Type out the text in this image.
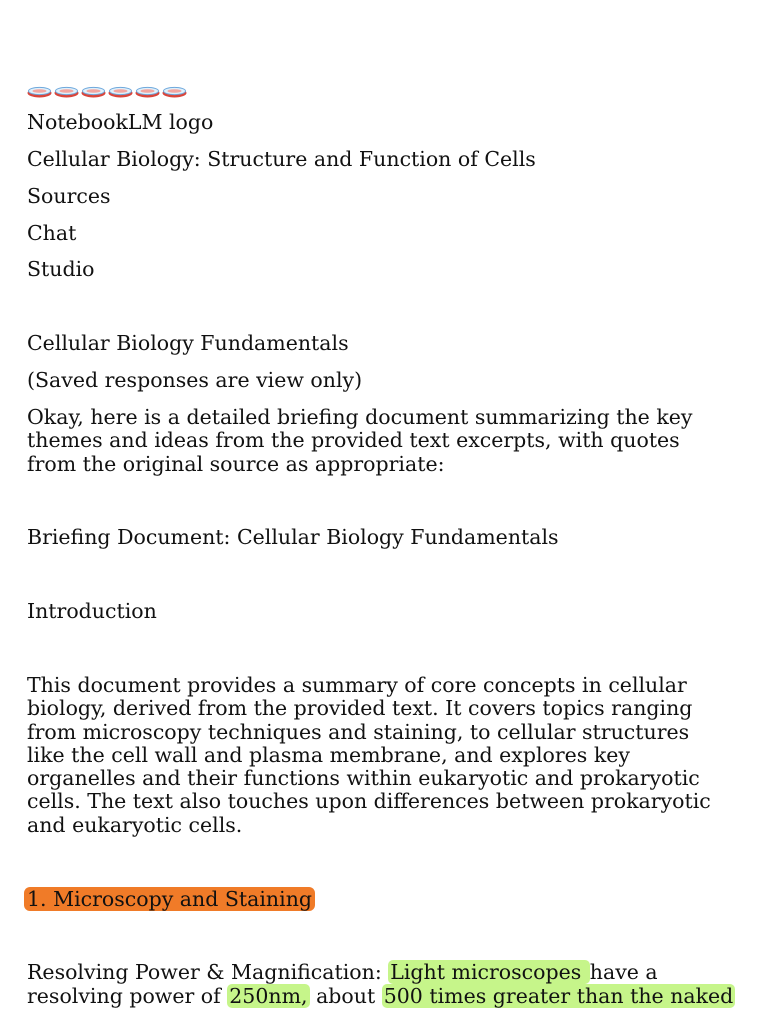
NotebookLM logo
Cellular Biology: Structure and Function of Cells
Sources
Chat
Studio
Cellular Biology Fundamentals
(Saved responses are view only)
Okay, here is a detailed briefing document summarizing the key themes and ideas from the provided text excerpts, with quotes from the original source as appropriate:
Briefing Document: Cellular Biology Fundamentals
Introduction
This document provides a summary of core concepts in cellular biology, derived from the provided text. It covers topics ranging from microscopy techniques and staining, to cellular structures like the cell wall and plasma membrane, and explores key organelles and their functions within eukaryotic and prokaryotic cells. The text also touches upon differences between prokaryotic and eukaryotic cells.
1. Microscopy and Staining
Resolving Power & Magnification: Light microscopes have a
resolving power of 250nm, about 500 times greater than the naked
